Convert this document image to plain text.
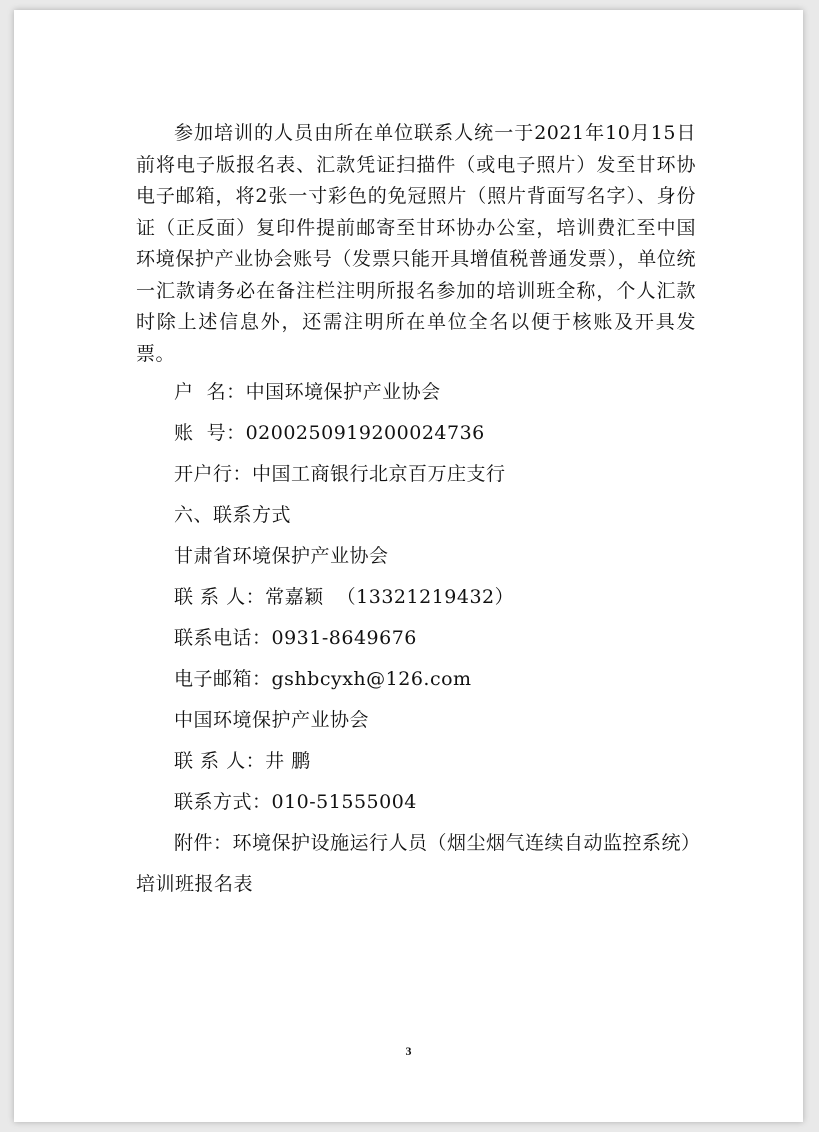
参加培训的人员由所在单位联系人统一于2021年10月15日前将电子版报名表、汇款凭证扫描件（或电子照片）发至甘环协电子邮箱，将2张一寸彩色的免冠照片（照片背面写名字）、身份证（正反面）复印件提前邮寄至甘环协办公室，培训费汇至中国环境保护产业协会账号（发票只能开具增值税普通发票），单位统一汇款请务必在备注栏注明所报名参加的培训班全称，个人汇款时除上述信息外，还需注明所在单位全名以便于核账及开具发票。

户  名：中国环境保护产业协会

账  号：0200250919200024736

开户行：中国工商银行北京百万庄支行

六、联系方式

甘肃省环境保护产业协会

联 系 人：常嘉颖  （13321219432）

联系电话：0931-8649676

电子邮箱：gshbcyxh@126.com

中国环境保护产业协会

联 系 人：井 鹏

联系方式：010-51555004

附件：环境保护设施运行人员（烟尘烟气连续自动监控系统）培训班报名表

3
